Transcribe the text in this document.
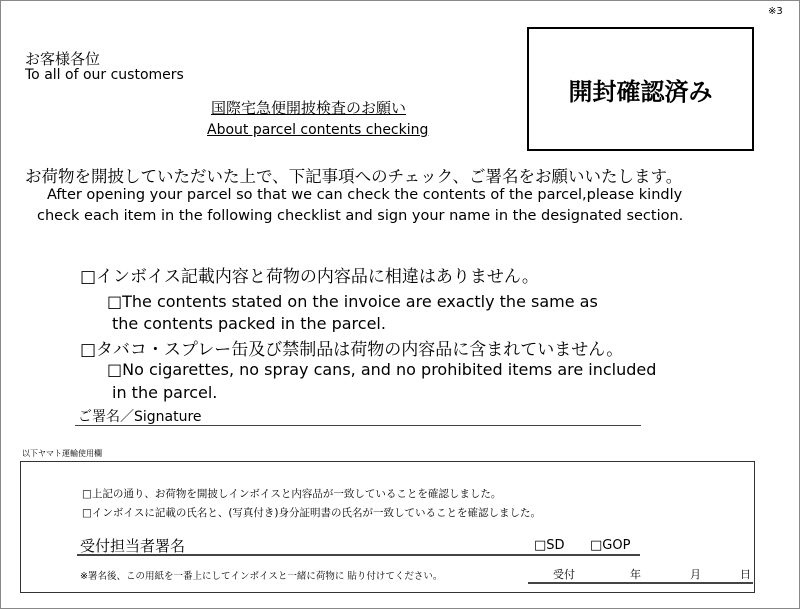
※3
開封確認済み
お客様各位
To all of our customers
国際宅急便開披検査のお願い
About parcel contents checking
お荷物を開披していただいた上で、下記事項へのチェック、ご署名をお願いいたします。
After opening your parcel so that we can check the contents of the parcel,please kindly
check each item in the following checklist and sign your name in the designated section.
□インボイス記載内容と荷物の内容品に相違はありません。
□The contents stated on the invoice are exactly the same as
the contents packed in the parcel.
□タバコ・スプレー缶及び禁制品は荷物の内容品に含まれていません。
□No cigarettes, no spray cans, and no prohibited items are included
in the parcel.
ご署名／Signature
以下ヤマト運輸使用欄
□上記の通り、お荷物を開披しインボイスと内容品が一致していることを確認しました。
□インボイスに記載の氏名と、(写真付き)身分証明書の氏名が一致していることを確認しました。
受付担当者署名	□SD □GOP
※署名後、この用紙を一番上にしてインボイスと一緒に荷物に 貼り付けてください。	受付	年	月	日
